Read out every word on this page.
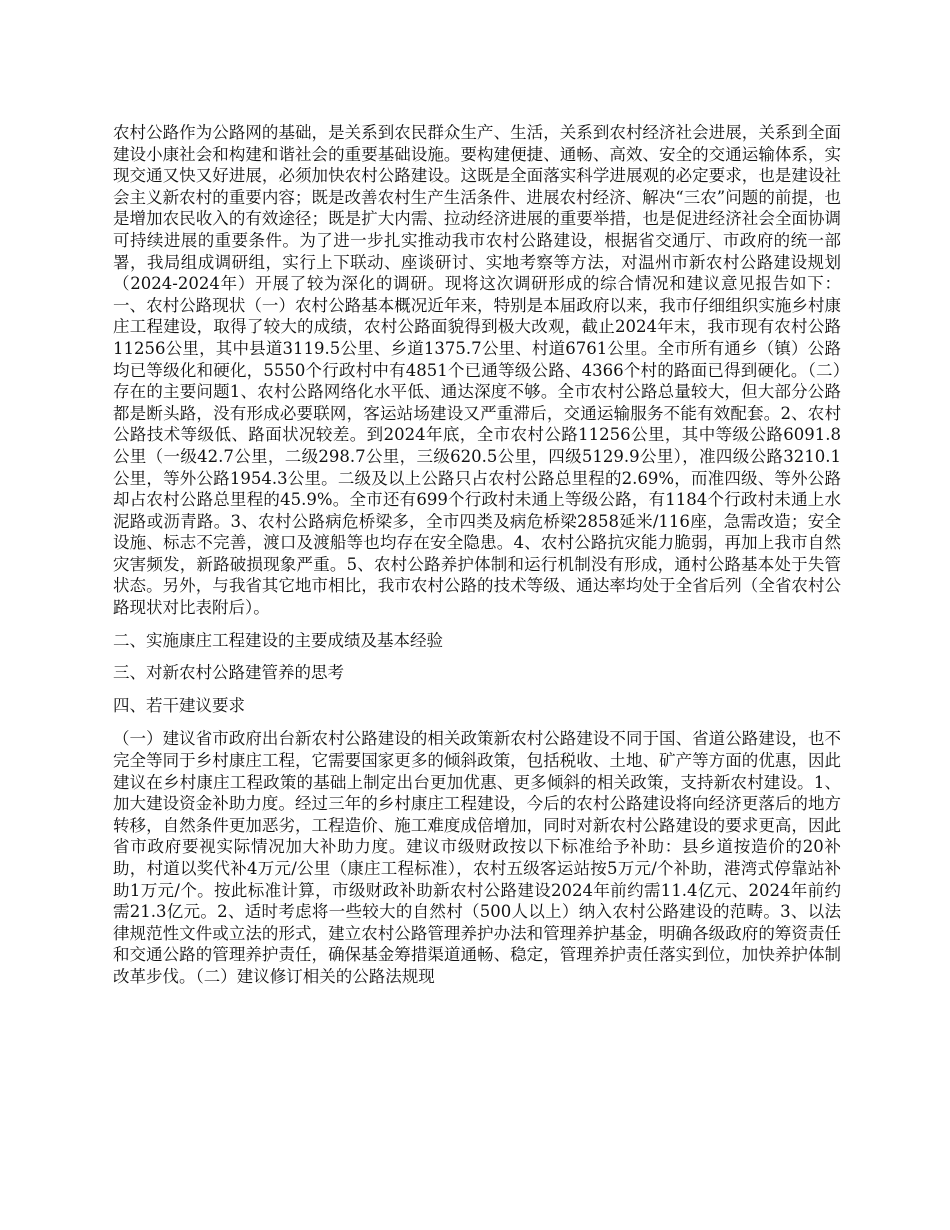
农村公路作为公路网的基础，是关系到农民群众生产、生活，关系到农村经济社会进展，关系到全面建设小康社会和构建和谐社会的重要基础设施。要构建便捷、通畅、高效、安全的交通运输体系，实现交通又快又好进展，必须加快农村公路建设。这既是全面落实科学进展观的必定要求，也是建设社会主义新农村的重要内容；既是改善农村生产生活条件、进展农村经济、解决“三农”问题的前提，也是增加农民收入的有效途径；既是扩大内需、拉动经济进展的重要举措，也是促进经济社会全面协调可持续进展的重要条件。为了进一步扎实推动我市农村公路建设，根据省交通厅、市政府的统一部署，我局组成调研组，实行上下联动、座谈研讨、实地考察等方法，对温州市新农村公路建设规划（2024-2024年）开展了较为深化的调研。现将这次调研形成的综合情况和建议意见报告如下：一、农村公路现状（一）农村公路基本概况近年来，特别是本届政府以来，我市仔细组织实施乡村康庄工程建设，取得了较大的成绩，农村公路面貌得到极大改观，截止2024年末，我市现有农村公路11256公里，其中县道3119.5公里、乡道1375.7公里、村道6761公里。全市所有通乡（镇）公路均已等级化和硬化，5550个行政村中有4851个已通等级公路、4366个村的路面已得到硬化。（二）存在的主要问题1、农村公路网络化水平低、通达深度不够。全市农村公路总量较大，但大部分公路都是断头路，没有形成必要联网，客运站场建设又严重滞后，交通运输服务不能有效配套。2、农村公路技术等级低、路面状况较差。到2024年底，全市农村公路11256公里，其中等级公路6091.8公里（一级42.7公里，二级298.7公里，三级620.5公里，四级5129.9公里），准四级公路3210.1公里，等外公路1954.3公里。二级及以上公路只占农村公路总里程的2.69%，而准四级、等外公路却占农村公路总里程的45.9%。全市还有699个行政村未通上等级公路，有1184个行政村未通上水泥路或沥青路。3、农村公路病危桥梁多，全市四类及病危桥梁2858延米/116座，急需改造；安全设施、标志不完善，渡口及渡船等也均存在安全隐患。4、农村公路抗灾能力脆弱，再加上我市自然灾害频发，新路破损现象严重。5、农村公路养护体制和运行机制没有形成，通村公路基本处于失管状态。另外，与我省其它地市相比，我市农村公路的技术等级、通达率均处于全省后列（全省农村公路现状对比表附后）。

二、实施康庄工程建设的主要成绩及基本经验

三、对新农村公路建管养的思考

四、若干建议要求

（一）建议省市政府出台新农村公路建设的相关政策新农村公路建设不同于国、省道公路建设，也不完全等同于乡村康庄工程，它需要国家更多的倾斜政策，包括税收、土地、矿产等方面的优惠，因此建议在乡村康庄工程政策的基础上制定出台更加优惠、更多倾斜的相关政策，支持新农村建设。1、加大建设资金补助力度。经过三年的乡村康庄工程建设，今后的农村公路建设将向经济更落后的地方转移，自然条件更加恶劣，工程造价、施工难度成倍增加，同时对新农村公路建设的要求更高，因此省市政府要视实际情况加大补助力度。建议市级财政按以下标准给予补助：县乡道按造价的20补助，村道以奖代补4万元/公里（康庄工程标准），农村五级客运站按5万元/个补助，港湾式停靠站补助1万元/个。按此标准计算，市级财政补助新农村公路建设2024年前约需11.4亿元、2024年前约需21.3亿元。2、适时考虑将一些较大的自然村（500人以上）纳入农村公路建设的范畴。3、以法律规范性文件或立法的形式，建立农村公路管理养护办法和管理养护基金，明确各级政府的筹资责任和交通公路的管理养护责任，确保基金筹措渠道通畅、稳定，管理养护责任落实到位，加快养护体制改革步伐。（二）建议修订相关的公路法规现
